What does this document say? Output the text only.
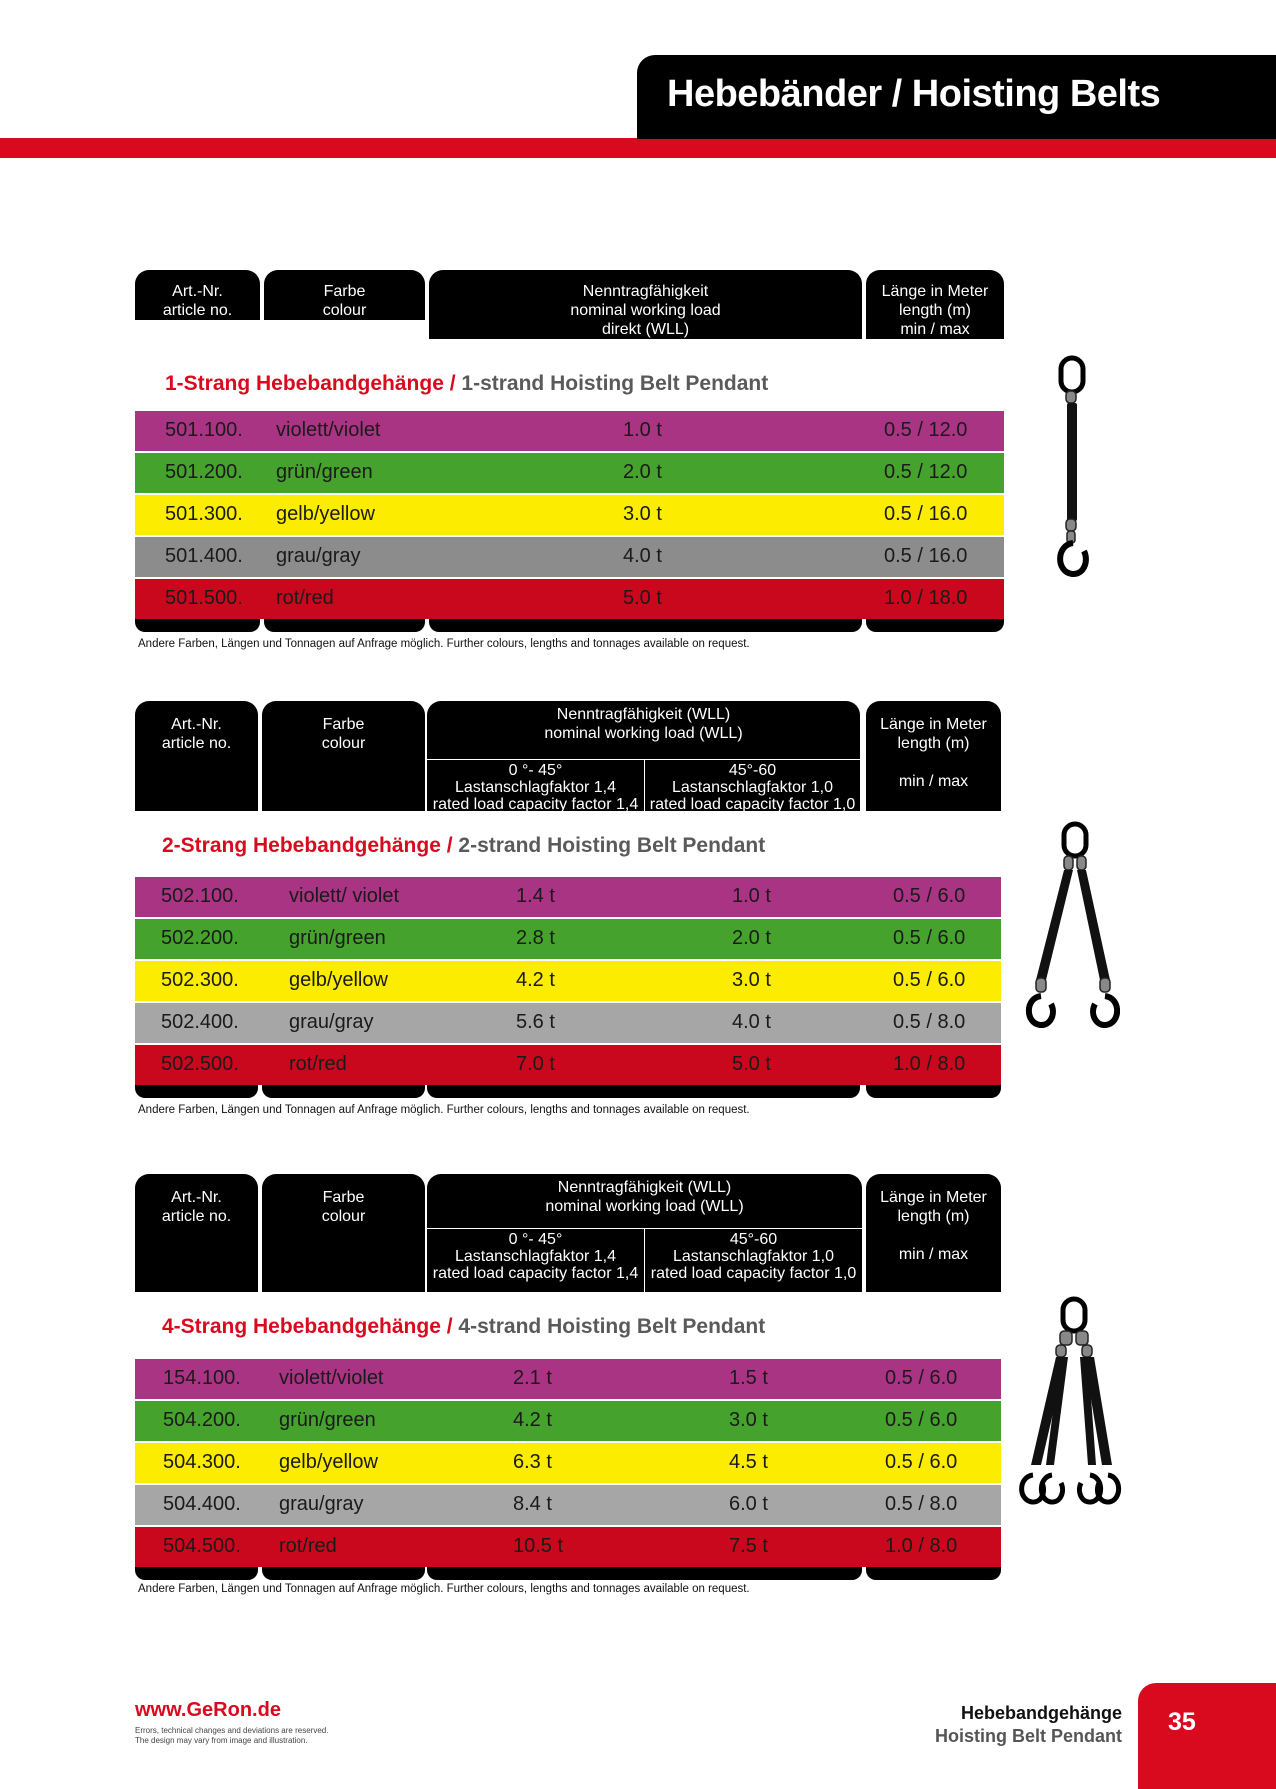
Hebebänder / Hoisting Belts
Art.-Nr.
article no.
Farbe
colour
Nenntragfähigkeit
nominal working load
direkt (WLL)
Länge in Meter
length (m)
min / max
1-Strang Hebebandgehänge / 1-strand Hoisting Belt Pendant
501.100. violett/violet	1.0 t	0.5 / 12.0
501.200. grün/green	2.0 t	0.5 / 12.0
501.300. gelb/yellow	3.0 t	0.5 / 16.0
501.400. grau/gray	4.0 t	0.5 / 16.0
501.500. rot/red	5.0 t	1.0 / 18.0
Andere Farben, Längen und Tonnagen auf Anfrage möglich. Further colours, lengths and tonnages available on request.
Art.-Nr.
article no.
Farbe
colour
Nenntragfähigkeit (WLL)
nominal working load (WLL)
0 °- 45°
Lastanschlagfaktor 1,4
rated load capacity factor 1,4
45°-60
Lastanschlagfaktor 1,0
rated load capacity factor 1,0
Länge in Meter
length (m)

min / max
2-Strang Hebebandgehänge / 2-strand Hoisting Belt Pendant
502.100.	violett/ violet	1.4 t	1.0 t	0.5 / 6.0
502.200.	grün/green	2.8 t	2.0 t	0.5 / 6.0
502.300.	gelb/yellow	4.2 t	3.0 t	0.5 / 6.0
502.400.	grau/gray	5.6 t	4.0 t	0.5 / 8.0
502.500.	rot/red	7.0 t	5.0 t	1.0 / 8.0
Andere Farben, Längen und Tonnagen auf Anfrage möglich. Further colours, lengths and tonnages available on request.
Art.-Nr.
article no.
Farbe
colour
Nenntragfähigkeit (WLL)
nominal working load (WLL)
0 °- 45°
Lastanschlagfaktor 1,4
rated load capacity factor 1,4
45°-60
Lastanschlagfaktor 1,0
rated load capacity factor 1,0
Länge in Meter
length (m)

min / max
4-Strang Hebebandgehänge / 4-strand Hoisting Belt Pendant
154.100. violett/violet	2.1 t	1.5 t	0.5 / 6.0
504.200. grün/green	4.2 t	3.0 t	0.5 / 6.0
504.300. gelb/yellow	6.3 t	4.5 t	0.5 / 6.0
504.400. grau/gray	8.4 t	6.0 t	0.5 / 8.0
504.500. rot/red	10.5 t	7.5 t	1.0 / 8.0
Andere Farben, Längen und Tonnagen auf Anfrage möglich. Further colours, lengths and tonnages available on request.
www.GeRon.de
Errors, technical changes and deviations are reserved.
The design may vary from image and illustration.
Hebebandgehänge
Hoisting Belt Pendant 35
